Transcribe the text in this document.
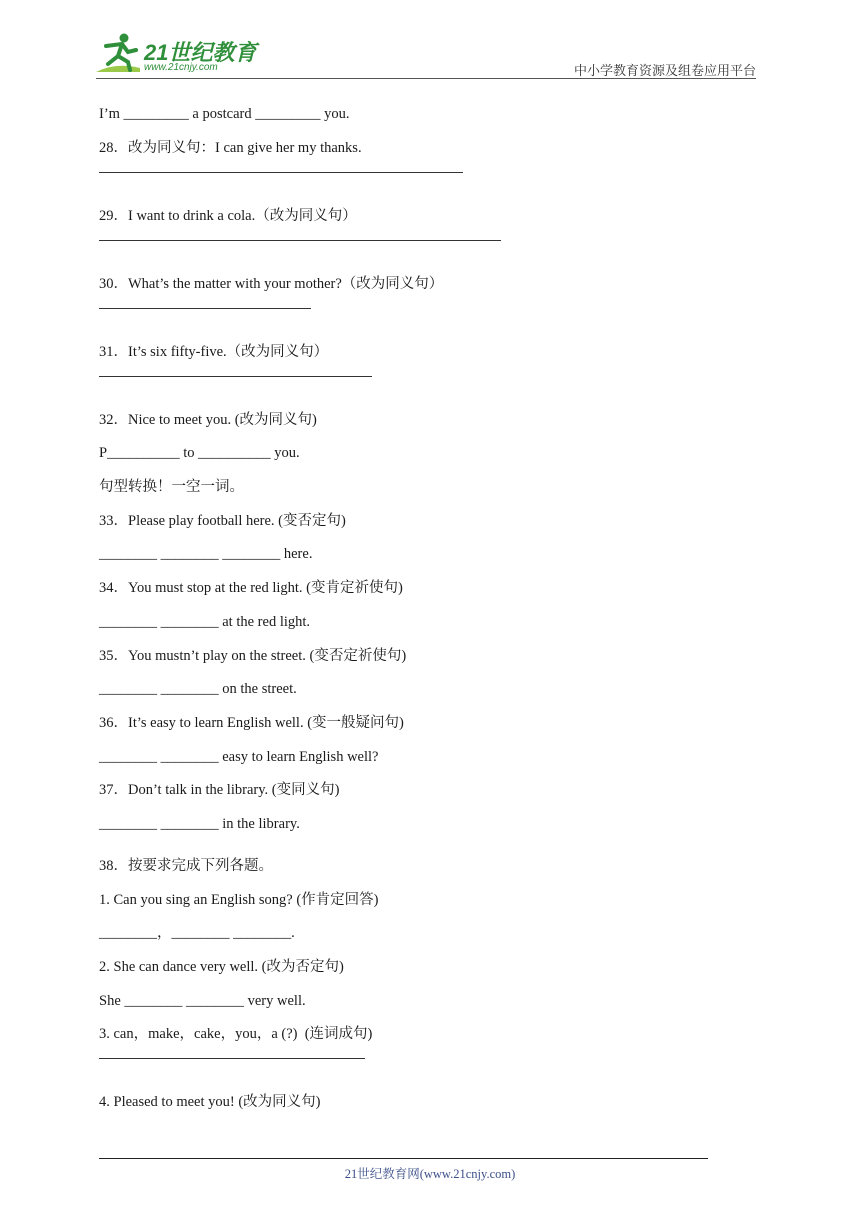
21世纪教育
www.21cnjy.com	中小学教育资源及组卷应用平台
I’m _________ a postcard _________ you.
28．改为同义句：I can give her my thanks.
29．I want to drink a cola.（改为同义句）
30．What’s the matter with your mother?（改为同义句）
31．It’s six fifty-five.（改为同义句）
32．Nice to meet you. (改为同义句)
P__________ to __________ you.
句型转换！一空一词。
33．Please play football here. (变否定句)
________ ________ ________ here.
34．You must stop at the red light. (变肯定祈使句)
________ ________ at the red light.
35．You mustn’t play on the street. (变否定祈使句)
________ ________ on the street.
36．It’s easy to learn English well. (变一般疑问句)
________ ________ easy to learn English well?
37．Don’t talk in the library. (变同义句)
________ ________ in the library.
38．按要求完成下列各题。
1. Can you sing an English song? (作肯定回答)
________，________ ________.
2. She can dance very well. (改为否定句)
She ________ ________ very well.
3. can，make，cake，you，a (?)  (连词成句)
4. Pleased to meet you! (改为同义句)
21世纪教育网(www.21cnjy.com)
